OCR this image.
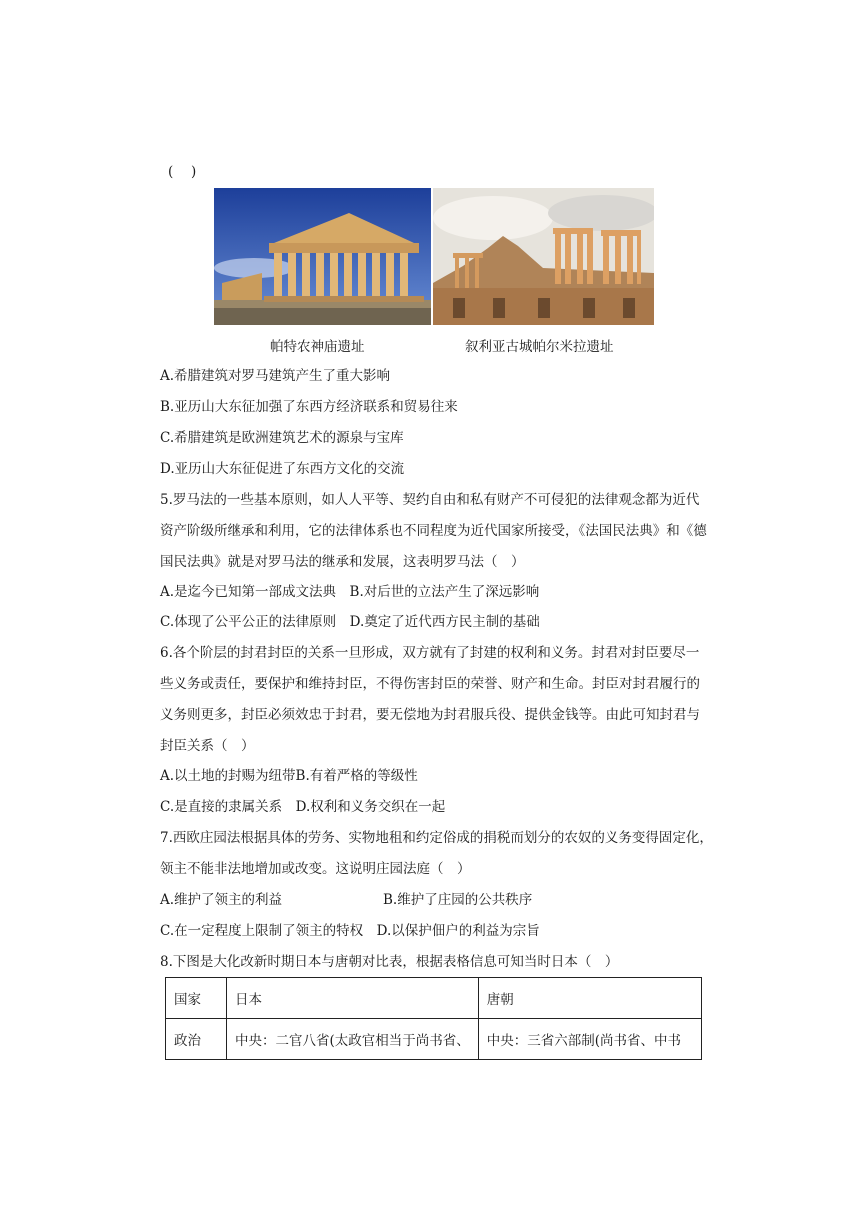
(　 )
帕特农神庙遗址	叙利亚古城帕尔米拉遗址
A.希腊建筑对罗马建筑产生了重大影响
B.亚历山大东征加强了东西方经济联系和贸易往来
C.希腊建筑是欧洲建筑艺术的源泉与宝库
D.亚历山大东征促进了东西方文化的交流
5.罗马法的一些基本原则，如人人平等、契约自由和私有财产不可侵犯的法律观念都为近代
资产阶级所继承和利用，它的法律体系也不同程度为近代国家所接受，《法国民法典》和《德
国民法典》就是对罗马法的继承和发展，这表明罗马法（　）
A.是迄今已知第一部成文法典　B.对后世的立法产生了深远影响
C.体现了公平公正的法律原则　D.奠定了近代西方民主制的基础
6.各个阶层的封君封臣的关系一旦形成，双方就有了封建的权利和义务。封君对封臣要尽一
些义务或责任，要保护和维持封臣，不得伤害封臣的荣誉、财产和生命。封臣对封君履行的
义务则更多，封臣必须效忠于封君，要无偿地为封君服兵役、提供金钱等。由此可知封君与
封臣关系（　）
A.以土地的封赐为纽带B.有着严格的等级性
C.是直接的隶属关系　D.权利和义务交织在一起
7.西欧庄园法根据具体的劳务、实物地租和约定俗成的捐税而划分的农奴的义务变得固定化，
领主不能非法地增加或改变。这说明庄园法庭（　）
A.维护了领主的利益	B.维护了庄园的公共秩序
C.在一定程度上限制了领主的特权　D.以保护佃户的利益为宗旨
8.下图是大化改新时期日本与唐朝对比表，根据表格信息可知当时日本（　）
国家	日本	唐朝
政治	中央：二官八省(太政官相当于尚书省、	中央：三省六部制(尚书省、中书
